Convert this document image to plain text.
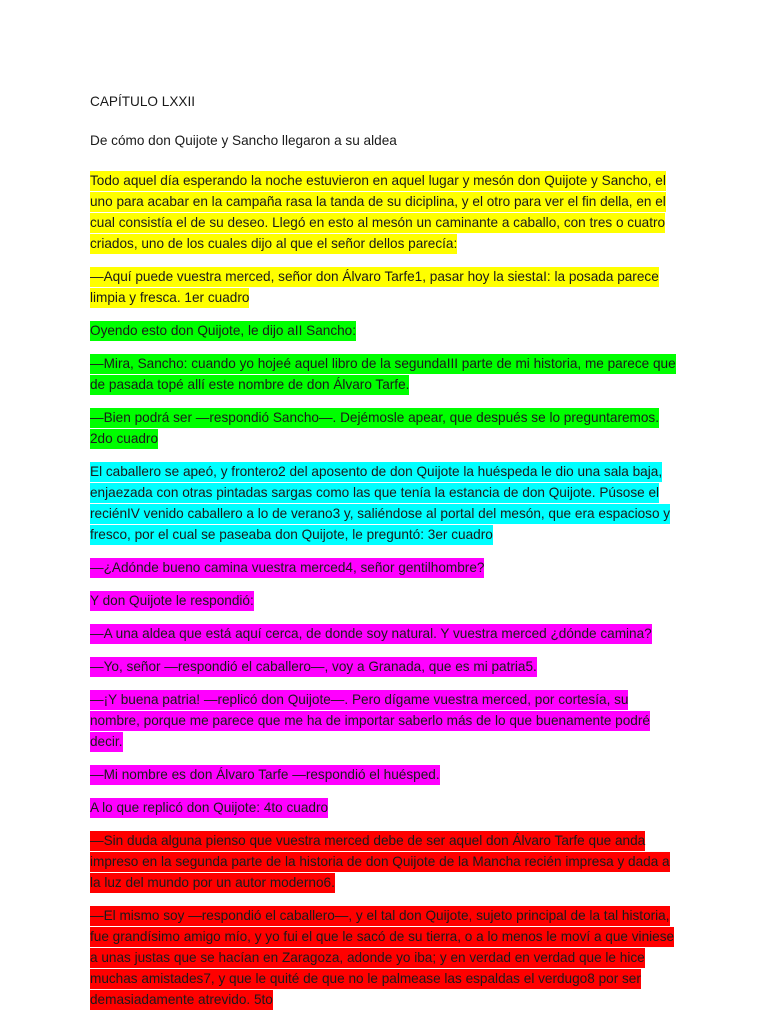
CAPÍTULO LXXII
De cómo don Quijote y Sancho llegaron a su aldea

Todo aquel día esperando la noche estuvieron en aquel lugar y mesón don Quijote y Sancho, el uno para acabar en la campaña rasa la tanda de su diciplina, y el otro para ver el fin della, en el cual consistía el de su deseo. Llegó en esto al mesón un caminante a caballo, con tres o cuatro criados, uno de los cuales dijo al que el señor dellos parecía:

—Aquí puede vuestra merced, señor don Álvaro Tarfe1, pasar hoy la siestaI: la posada parece limpia y fresca. 1er cuadro

Oyendo esto don Quijote, le dijo aII Sancho:

—Mira, Sancho: cuando yo hojeé aquel libro de la segundaIII parte de mi historia, me parece que de pasada topé allí este nombre de don Álvaro Tarfe.

—Bien podrá ser —respondió Sancho—. Dejémosle apear, que después se lo preguntaremos. 2do cuadro

El caballero se apeó, y frontero2 del aposento de don Quijote la huéspeda le dio una sala baja, enjaezada con otras pintadas sargas como las que tenía la estancia de don Quijote. Púsose el reciénIV venido caballero a lo de verano3 y, saliéndose al portal del mesón, que era espacioso y fresco, por el cual se paseaba don Quijote, le preguntó: 3er cuadro

—¿Adónde bueno camina vuestra merced4, señor gentilhombre?

Y don Quijote le respondió:

—A una aldea que está aquí cerca, de donde soy natural. Y vuestra merced ¿dónde camina?

—Yo, señor —respondió el caballero—, voy a Granada, que es mi patria5.

—¡Y buena patria! —replicó don Quijote—. Pero dígame vuestra merced, por cortesía, su nombre, porque me parece que me ha de importar saberlo más de lo que buenamente podré decir.

—Mi nombre es don Álvaro Tarfe —respondió el huésped.

A lo que replicó don Quijote: 4to cuadro

—Sin duda alguna pienso que vuestra merced debe de ser aquel don Álvaro Tarfe que anda impreso en la segunda parte de la historia de don Quijote de la Mancha recién impresa y dada a la luz del mundo por un autor moderno6.

—El mismo soy —respondió el caballero—, y el tal don Quijote, sujeto principal de la tal historia, fue grandísimo amigo mío, y yo fui el que le sacó de su tierra, o a lo menos le moví a que viniese a unas justas que se hacían en Zaragoza, adonde yo iba; y en verdad en verdad que le hice muchas amistades7, y que le quité de que no le palmease las espaldas el verdugo8 por ser demasiadamente atrevido. 5to
